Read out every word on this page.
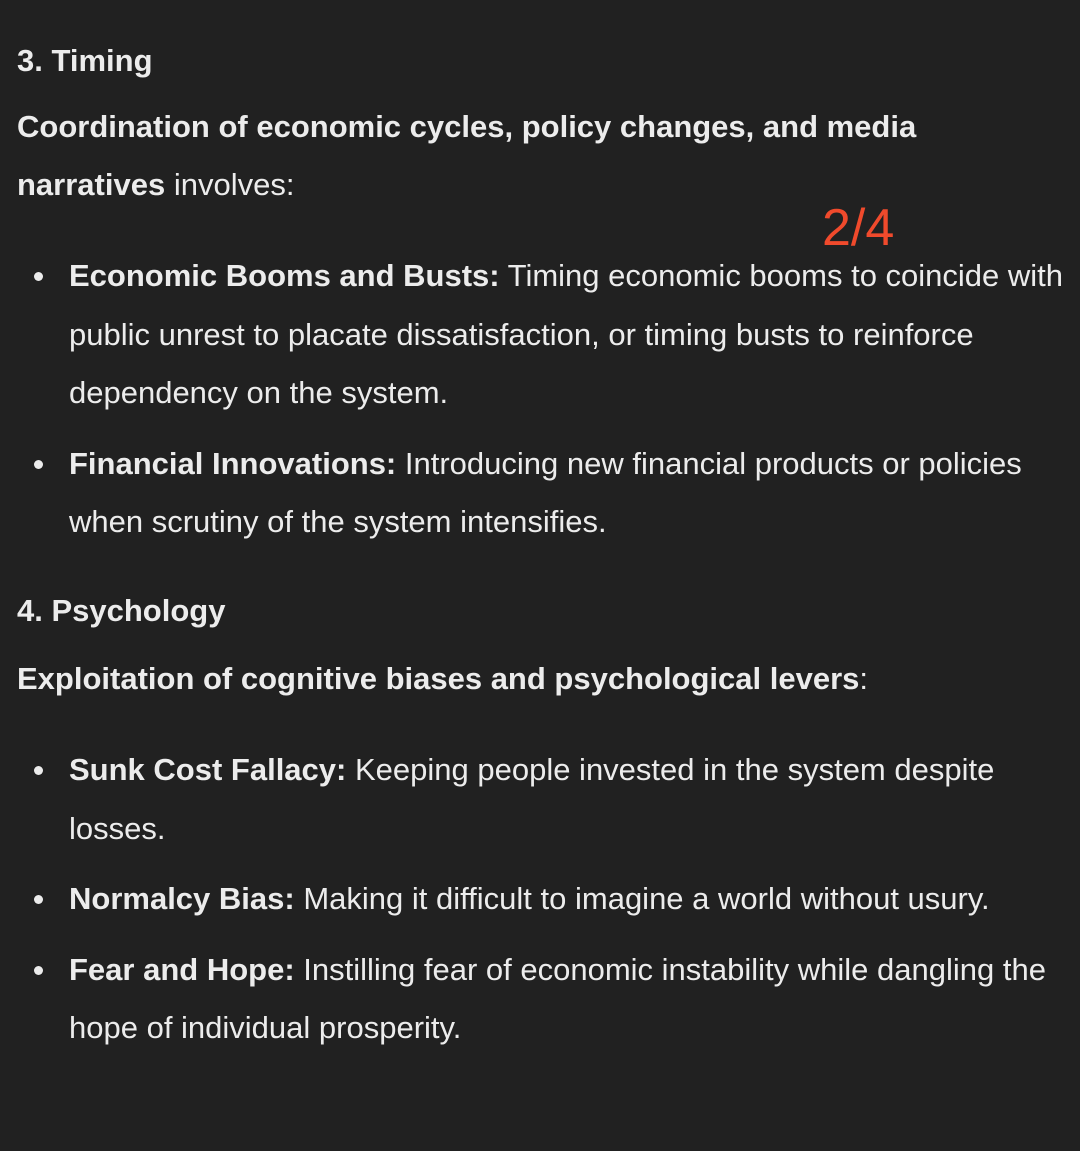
3. Timing
Coordination of economic cycles, policy changes, and media narratives involves:
Economic Booms and Busts: Timing economic booms to coincide with public unrest to placate dissatisfaction, or timing busts to reinforce dependency on the system.
Financial Innovations: Introducing new financial products or policies when scrutiny of the system intensifies.
4. Psychology
Exploitation of cognitive biases and psychological levers:
Sunk Cost Fallacy: Keeping people invested in the system despite losses.
Normalcy Bias: Making it difficult to imagine a world without usury.
Fear and Hope: Instilling fear of economic instability while dangling the hope of individual prosperity.
2/4
